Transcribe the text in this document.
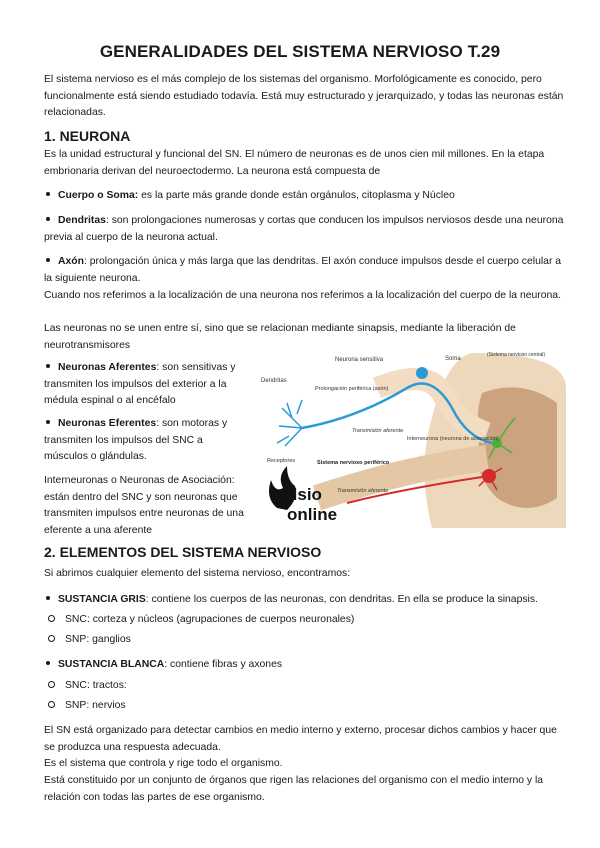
GENERALIDADES DEL SISTEMA NERVIOSO T.29
El sistema nervioso es el más complejo de los sistemas del organismo. Morfológicamente es conocido, pero funcionalmente está siendo estudiado todavía. Está muy estructurado y jerarquizado, y todas las neuronas están relacionadas.
1. NEURONA
Es la unidad estructural y funcional del SN. El número de neuronas es de unos cien mil millones. En la etapa embrionaria derivan del neuroectodermo. La neurona está compuesta de
Cuerpo o Soma: es la parte más grande donde están orgánulos, citoplasma y Núcleo
Dendritas: son prolongaciones numerosas y cortas que conducen los impulsos nerviosos desde una neurona previa al cuerpo de la neurona actual.
Axón: prolongación única y más larga que las dendritas. El axón conduce impulsos desde el cuerpo celular a la siguiente neurona.
Cuando nos referimos a la localización de una neurona nos referimos a la localización del cuerpo de la neurona.
Las neuronas no se unen entre sí, sino que se relacionan mediante sinapsis, mediante la liberación de neurotransmisores
Neuronas Aferentes: son sensitivas y transmiten los impulsos del exterior a la médula espinal o al encéfalo
Neuronas Eferentes: son motoras y transmiten los impulsos del SNC a músculos o glándulas.
Interneuronas o Neuronas de Asociación: están dentro del SNC y son neuronas que transmiten impulsos entre neuronas de una eferente a una aferente
Neurona sensitiva	Soma
(Sistema nervioso central)
Dendritas
Prolongación periférica (axón)
Transmisión aferente
Interneurona (neurona de asociación)
Receptores	Sistema nervioso periférico
Transmisión eferente
fisio
online
2. ELEMENTOS DEL SISTEMA NERVIOSO
Si abrimos cualquier elemento del sistema nervioso, encontramos:
SUSTANCIA GRIS: contiene los cuerpos de las neuronas, con dendritas. En ella se produce la sinapsis.
SNC: corteza y núcleos (agrupaciones de cuerpos neuronales)
SNP: ganglios
SUSTANCIA BLANCA: contiene fibras y axones
SNC: tractos:
SNP: nervios
El SN está organizado para detectar cambios en medio interno y externo, procesar dichos cambios y hacer que se produzca una respuesta adecuada.
Es el sistema que controla y rige todo el organismo.
Está constituido por un conjunto de órganos que rigen las relaciones del organismo con el medio interno y la relación con todas las partes de ese organismo.
